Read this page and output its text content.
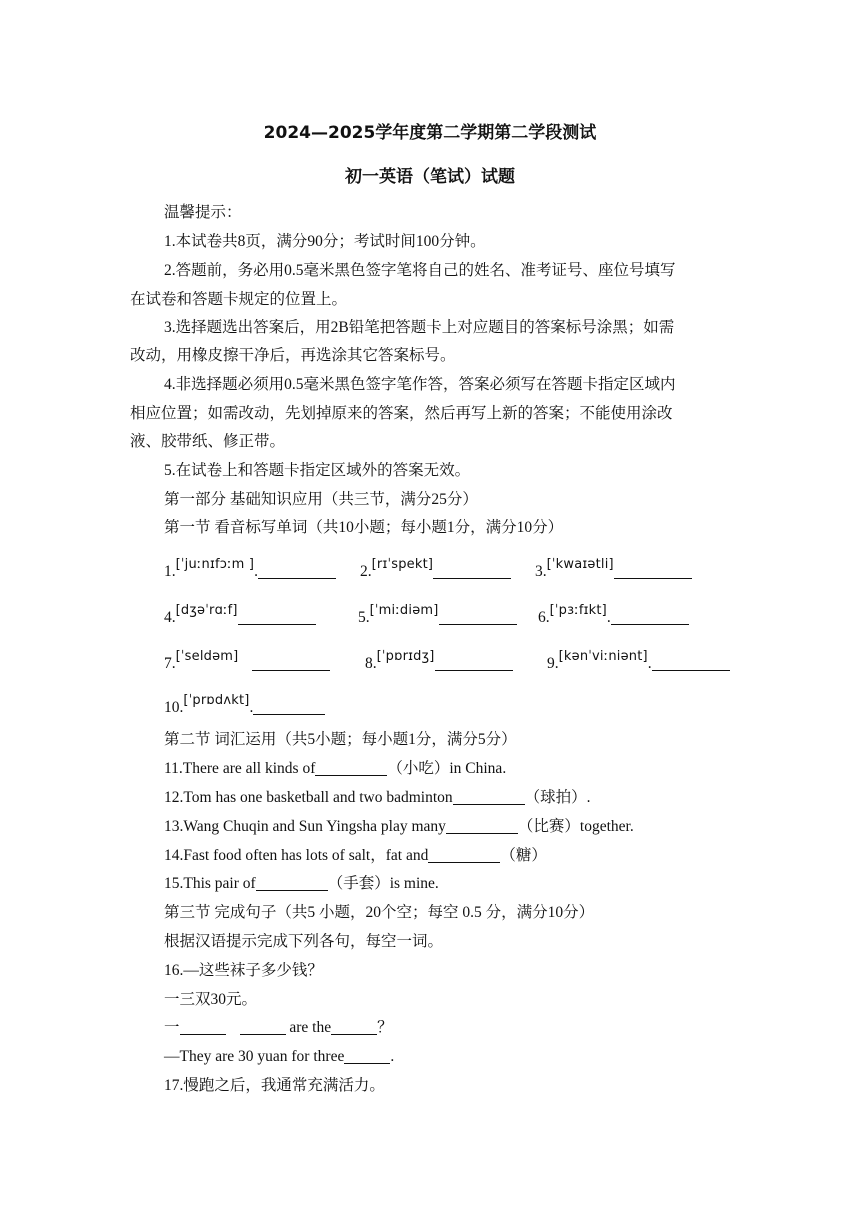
2024—2025学年度第二学期第二学段测试
初一英语（笔试）试题
温馨提示：
1.本试卷共8页，满分90分；考试时间100分钟。
2.答题前，务必用0.5毫米黑色签字笔将自己的姓名、准考证号、座位号填写
在试卷和答题卡规定的位置上。
3.选择题选出答案后，用2B铅笔把答题卡上对应题目的答案标号涂黑；如需
改动，用橡皮擦干净后，再选涂其它答案标号。
4.非选择题必须用0.5毫米黑色签字笔作答，答案必须写在答题卡指定区域内
相应位置；如需改动，先划掉原来的答案，然后再写上新的答案；不能使用涂改
液、胶带纸、修正带。
5.在试卷上和答题卡指定区域外的答案无效。
第一部分 基础知识应用（共三节，满分25分）
第一节 看音标写单词（共10小题；每小题1分，满分10分）
1.[ˈjuːnɪfɔːm ].	2.[rɪˈspekt]	3.[ˈkwaɪətli]
4.[dʒəˈrɑːf]	5.[ˈmiːdiəm]	6.[ˈpɜːfɪkt].
7.[ˈseldəm]	8.[ˈpɒrɪdʒ]	9.[kənˈviːniənt].
10.[ˈprɒdʌkt].
第二节 词汇运用（共5小题；每小题1分，满分5分）
11.There are all kinds of	（小吃）in China.
12.Tom has one basketball and two badminton	（球拍）.
13.Wang Chuqin and Sun Yingsha play many	（比赛）together.
14.Fast food often has lots of salt，fat and	（糖）
15.This pair of	（手套）is mine.
第三节 完成句子（共5 小题，20个空；每空 0.5 分，满分10分）
根据汉语提示完成下列各句，每空一词。
16.—这些袜子多少钱？
一三双30元。
一	are the	？
—They are 30 yuan for three	.
17.慢跑之后，我通常充满活力。
